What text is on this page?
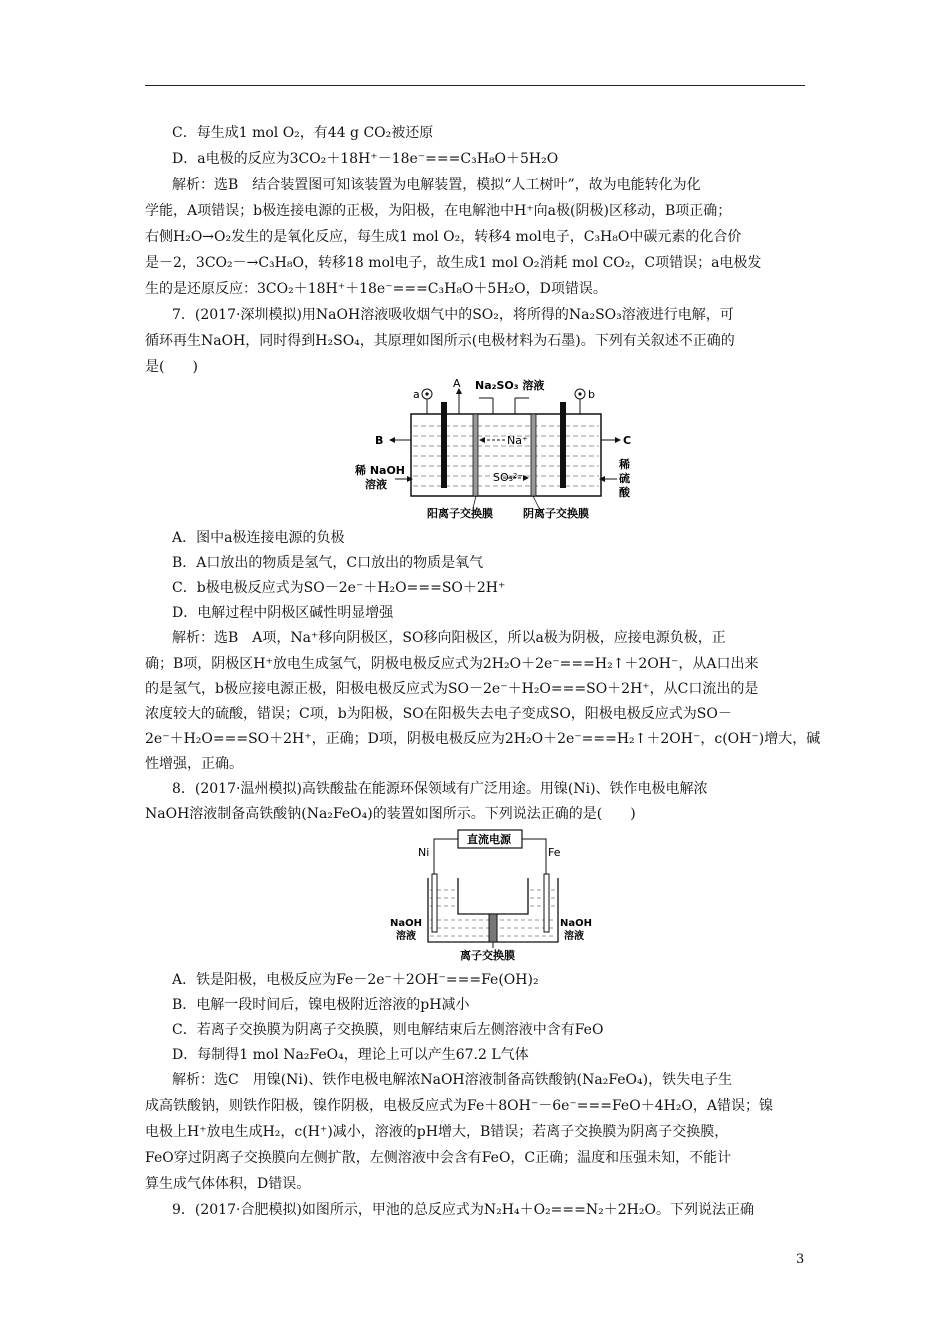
C．每生成1 mol O₂，有44 g CO₂被还原
D．a电极的反应为3CO₂＋18H⁺－18e⁻===C₃H₈O＋5H₂O
解析：选B　结合装置图可知该装置为电解装置，模拟“人工树叶”，故为电能转化为化
学能，A项错误；b极连接电源的正极，为阳极，在电解池中H⁺向a极(阴极)区移动，B项正确；
右侧H₂O→O₂发生的是氧化反应，每生成1 mol O₂，转移4 mol电子，C₃H₈O中碳元素的化合价
是－2，3CO₂－→C₃H₈O，转移18 mol电子，故生成1 mol O₂消耗 mol CO₂，C项错误；a电极发
生的是还原反应：3CO₂＋18H⁺＋18e⁻===C₃H₈O＋5H₂O，D项错误。
7．(2017·深圳模拟)用NaOH溶液吸收烟气中的SO₂，将所得的Na₂SO₃溶液进行电解，可
循环再生NaOH，同时得到H₂SO₄，其原理如图所示(电极材料为石墨)。下列有关叙述不正确的
是(　　)
a	b
A Na₂SO₃ 溶液
B	C
Na⁺
SO₃²⁻
稀 NaOH
溶液
稀
硫
酸
阳离子交换膜	阴离子交换膜
A．图中a极连接电源的负极
B．A口放出的物质是氢气，C口放出的物质是氧气
C．b极电极反应式为SO－2e⁻＋H₂O===SO＋2H⁺
D．电解过程中阴极区碱性明显增强
解析：选B　A项，Na⁺移向阴极区，SO移向阳极区，所以a极为阴极，应接电源负极，正
确；B项，阴极区H⁺放电生成氢气，阴极电极反应式为2H₂O＋2e⁻===H₂↑＋2OH⁻，从A口出来
的是氢气，b极应接电源正极，阳极电极反应式为SO－2e⁻＋H₂O===SO＋2H⁺，从C口流出的是
浓度较大的硫酸，错误；C项，b为阳极，SO在阳极失去电子变成SO，阳极电极反应式为SO－
2e⁻＋H₂O===SO＋2H⁺，正确；D项，阴极电极反应为2H₂O＋2e⁻===H₂↑＋2OH⁻，c(OH⁻)增大，碱
性增强，正确。
8．(2017·温州模拟)高铁酸盐在能源环保领域有广泛用途。用镍(Ni)、铁作电极电解浓
NaOH溶液制备高铁酸钠(Na₂FeO₄)的装置如图所示。下列说法正确的是(　　)
直流电源
Ni	Fe
NaOH
溶液
NaOH
溶液
离子交换膜
A．铁是阳极，电极反应为Fe－2e⁻＋2OH⁻===Fe(OH)₂
B．电解一段时间后，镍电极附近溶液的pH减小
C．若离子交换膜为阴离子交换膜，则电解结束后左侧溶液中含有FeO
D．每制得1 mol Na₂FeO₄，理论上可以产生67.2 L气体
解析：选C　用镍(Ni)、铁作电极电解浓NaOH溶液制备高铁酸钠(Na₂FeO₄)，铁失电子生
成高铁酸钠，则铁作阳极，镍作阴极，电极反应式为Fe＋8OH⁻－6e⁻===FeO＋4H₂O，A错误；镍
电极上H⁺放电生成H₂，c(H⁺)减小，溶液的pH增大，B错误；若离子交换膜为阴离子交换膜，
FeO穿过阴离子交换膜向左侧扩散，左侧溶液中会含有FeO，C正确；温度和压强未知，不能计
算生成气体体积，D错误。
9．(2017·合肥模拟)如图所示，甲池的总反应式为N₂H₄＋O₂===N₂＋2H₂O。下列说法正确
3
